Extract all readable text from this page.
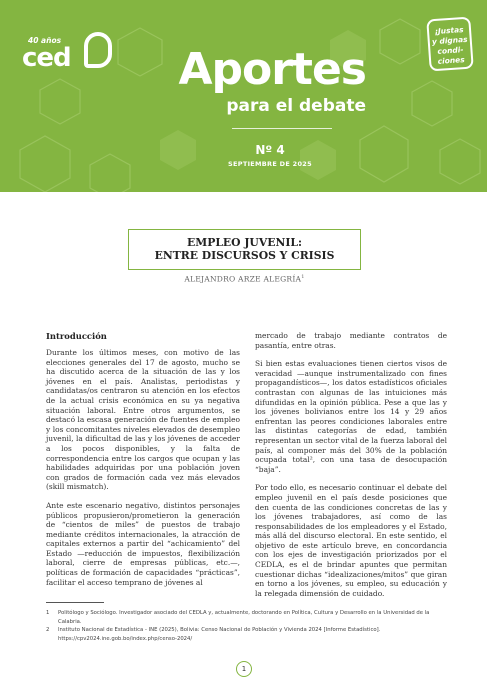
40 años
ced	Aportes
para el debate
Nº 4
SEPTIEMBRE DE 2025
¡Justas
y dignas
condi-
ciones
EMPLEO JUVENIL:
ENTRE DISCURSOS Y CRISIS
ALEJANDRO ARZE ALEGRÍA$^1$
Introducción

Durante los últimos meses, con motivo de las elecciones generales del 17 de agosto, mucho se ha discutido acerca de la situación de las y los jóvenes en el país. Analistas, periodistas y candidatas/os centraron su atención en los efectos de la actual crisis económica en su ya negativa situación laboral. Entre otros argumentos, se destacó la escasa generación de fuentes de empleo y los concomitantes niveles elevados de desempleo juvenil, la dificultad de las y los jóvenes de acceder a los pocos disponibles, y la falta de correspondencia entre los cargos que ocupan y las habilidades adquiridas por una población joven con grados de formación cada vez más elevados (skill mismatch).

Ante este escenario negativo, distintos personajes públicos propusieron/prometieron la generación de “cientos de miles” de puestos de trabajo mediante créditos internacionales, la atracción de capitales externos a partir del “achicamiento” del Estado —reducción de impuestos, flexibilización laboral, cierre de empresas públicas, etc.—, políticas de formación de capacidades “prácticas”, facilitar el acceso temprano de jóvenes al

mercado de trabajo mediante contratos de pasantía, entre otras.

Si bien estas evaluaciones tienen ciertos visos de veracidad —aunque instrumentalizado con fines propagandísticos—, los datos estadísticos oficiales contrastan con algunas de las intuiciones más difundidas en la opinión pública. Pese a que las y los jóvenes bolivianos entre los 14 y 29 años enfrentan las peores condiciones laborales entre las distintas categorías de edad, también representan un sector vital de la fuerza laboral del país, al componer más del 30% de la población ocupada total², con una tasa de desocupación “baja”.

Por todo ello, es necesario continuar el debate del empleo juvenil en el país desde posiciones que den cuenta de las condiciones concretas de las y los jóvenes trabajadores, así como de las responsabilidades de los empleadores y el Estado, más allá del discurso electoral. En este sentido, el objetivo de este artículo breve, en concordancia con los ejes de investigación priorizados por el CEDLA, es el de brindar apuntes que permitan cuestionar dichas “idealizaciones/mitos” que giran en torno a los jóvenes, su empleo, su educación y la relegada dimensión de cuidado.

1	Politólogo y Sociólogo. Investigador asociado del CEDLA y, actualmente, doctorando en Política, Cultura y Desarrollo en la Universidad de la Calabria.
2	Instituto Nacional de Estadística - INE (2025), Bolivia: Censo Nacional de Población y Vivienda 2024 [Informe Estadístico]. https://cpv2024.ine.gob.bo/index.php/censo-2024/
1
